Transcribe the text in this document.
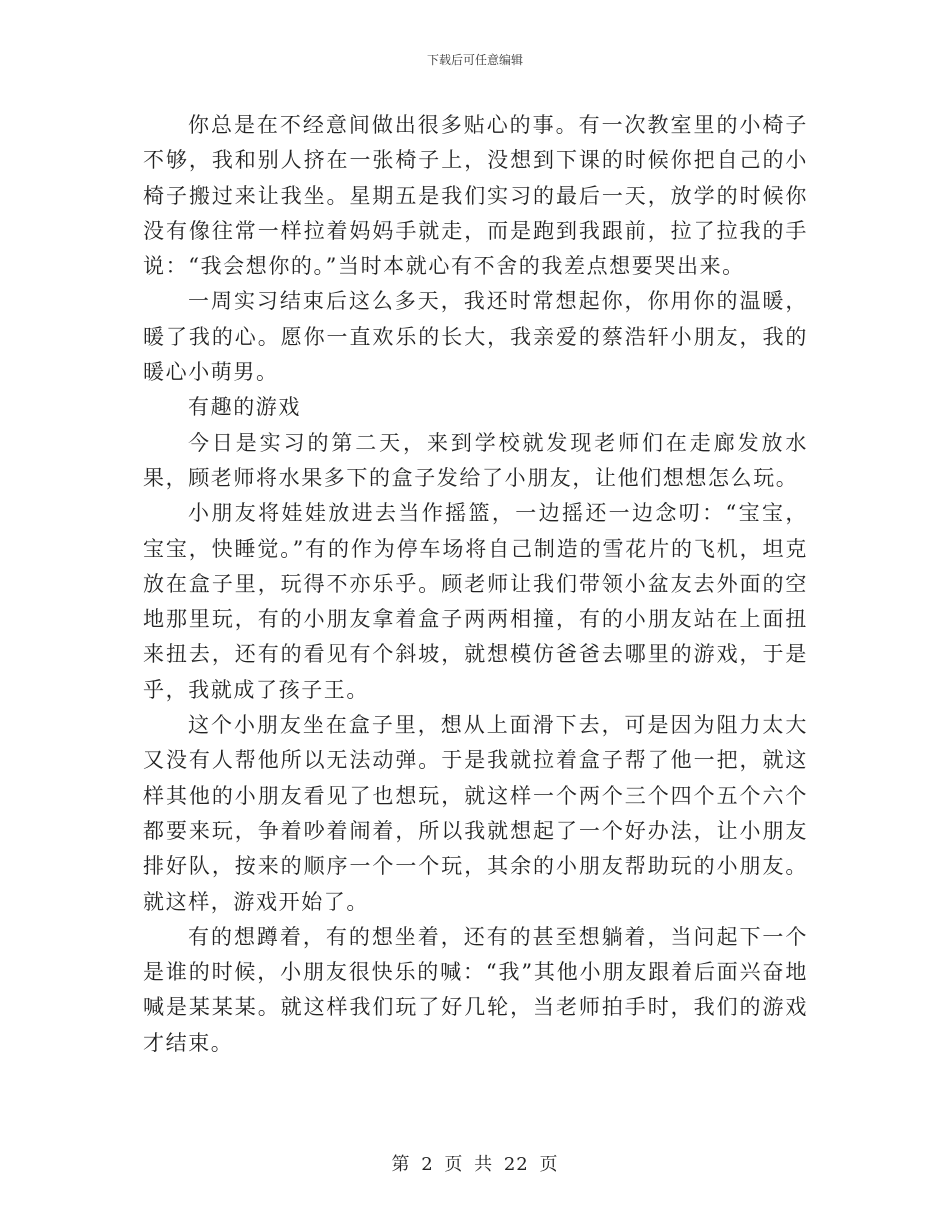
下载后可任意编辑

你总是在不经意间做出很多贴心的事。有一次教室里的小椅子不够，我和别人挤在一张椅子上，没想到下课的时候你把自己的小椅子搬过来让我坐。星期五是我们实习的最后一天，放学的时候你没有像往常一样拉着妈妈手就走，而是跑到我跟前，拉了拉我的手说：“我会想你的。”当时本就心有不舍的我差点想要哭出来。

一周实习结束后这么多天，我还时常想起你，你用你的温暖，暖了我的心。愿你一直欢乐的长大，我亲爱的蔡浩轩小朋友，我的暖心小萌男。

有趣的游戏

今日是实习的第二天，来到学校就发现老师们在走廊发放水果，顾老师将水果多下的盒子发给了小朋友，让他们想想怎么玩。

小朋友将娃娃放进去当作摇篮，一边摇还一边念叨：“宝宝，宝宝，快睡觉。”有的作为停车场将自己制造的雪花片的飞机，坦克放在盒子里，玩得不亦乐乎。顾老师让我们带领小盆友去外面的空地那里玩，有的小朋友拿着盒子两两相撞，有的小朋友站在上面扭来扭去，还有的看见有个斜坡，就想模仿爸爸去哪里的游戏，于是乎，我就成了孩子王。

这个小朋友坐在盒子里，想从上面滑下去，可是因为阻力太大又没有人帮他所以无法动弹。于是我就拉着盒子帮了他一把，就这样其他的小朋友看见了也想玩，就这样一个两个三个四个五个六个都要来玩，争着吵着闹着，所以我就想起了一个好办法，让小朋友排好队，按来的顺序一个一个玩，其余的小朋友帮助玩的小朋友。就这样，游戏开始了。

有的想蹲着，有的想坐着，还有的甚至想躺着，当问起下一个是谁的时候，小朋友很快乐的喊：“我”其他小朋友跟着后面兴奋地喊是某某某。就这样我们玩了好几轮，当老师拍手时，我们的游戏才结束。

第 2 页 共 22 页
